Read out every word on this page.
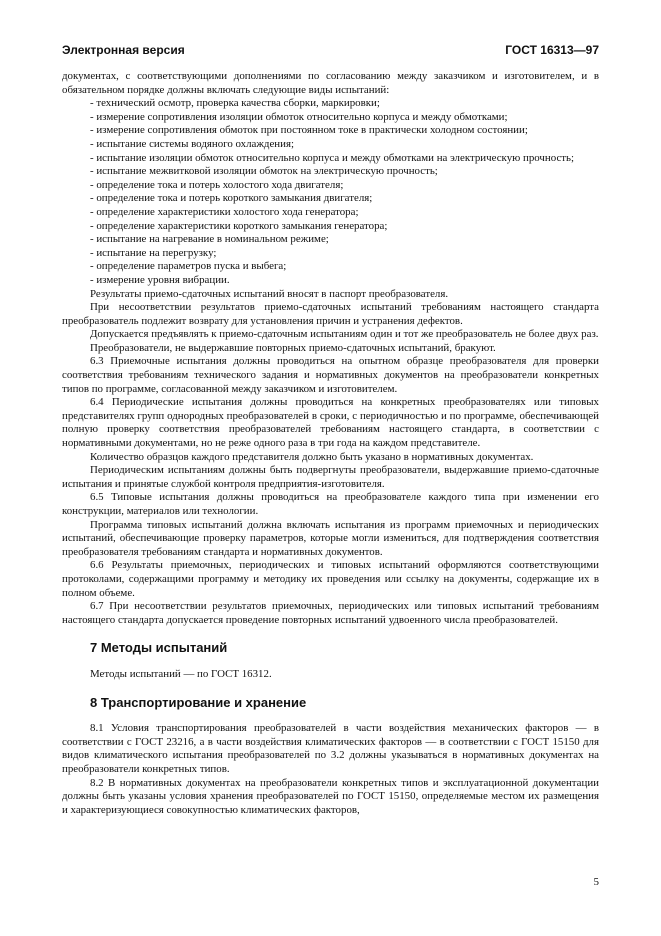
Электронная версия	ГОСТ 16313—97

документах, с соответствующими дополнениями по согласованию между заказчиком и изготовителем, и в обязательном порядке должны включать следующие виды испытаний:

- технический осмотр, проверка качества сборки, маркировки;

- измерение сопротивления изоляции обмоток относительно корпуса и между обмотками;

- измерение сопротивления обмоток при постоянном токе в практически холодном состоянии;

- испытание системы водяного охлаждения;

- испытание изоляции обмоток относительно корпуса и между обмотками на электрическую прочность;

- испытание межвитковой изоляции обмоток на электрическую прочность;

- определение тока и потерь холостого хода двигателя;

- определение тока и потерь короткого замыкания двигателя;

- определение характеристики холостого хода генератора;

- определение характеристики короткого замыкания генератора;

- испытание на нагревание в номинальном режиме;

- испытание на перегрузку;

- определение параметров пуска и выбега;

- измерение уровня вибрации.

Результаты приемо-сдаточных испытаний вносят в паспорт преобразователя.

При несоответствии результатов приемо-сдаточных испытаний требованиям настоящего стандарта преобразователь подлежит возврату для установления причин и устранения дефектов.

Допускается предъявлять к приемо-сдаточным испытаниям один и тот же преобразователь не более двух раз.

Преобразователи, не выдержавшие повторных приемо-сдаточных испытаний, бракуют.

6.3 Приемочные испытания должны проводиться на опытном образце преобразователя для проверки соответствия требованиям технического задания и нормативных документов на преобразователи конкретных типов по программе, согласованной между заказчиком и изготовителем.

6.4 Периодические испытания должны проводиться на конкретных преобразователях или типовых представителях групп однородных преобразователей в сроки, с периодичностью и по программе, обеспечивающей полную проверку соответствия преобразователей требованиям настоящего стандарта, в соответствии с нормативными документами, но не реже одного раза в три года на каждом представителе.

Количество образцов каждого представителя должно быть указано в нормативных документах.

Периодическим испытаниям должны быть подвергнуты преобразователи, выдержавшие приемо-сдаточные испытания и принятые службой контроля предприятия-изготовителя.

6.5 Типовые испытания должны проводиться на преобразователе каждого типа при изменении его конструкции, материалов или технологии.

Программа типовых испытаний должна включать испытания из программ приемочных и периодических испытаний, обеспечивающие проверку параметров, которые могли измениться, для подтверждения соответствия преобразователя требованиям стандарта и нормативных документов.

6.6 Результаты приемочных, периодических и типовых испытаний оформляются соответствующими протоколами, содержащими программу и методику их проведения или ссылку на документы, содержащие их в полном объеме.

6.7 При несоответствии результатов приемочных, периодических или типовых испытаний требованиям настоящего стандарта допускается проведение повторных испытаний удвоенного числа преобразователей.

7 Методы испытаний

Методы испытаний — по ГОСТ 16312.

8 Транспортирование и хранение

8.1 Условия транспортирования преобразователей в части воздействия механических факторов — в соответствии с ГОСТ 23216, а в части воздействия климатических факторов — в соответствии с ГОСТ 15150 для видов климатического испытания преобразователей по 3.2 должны указываться в нормативных документах на преобразователи конкретных типов.

8.2 В нормативных документах на преобразователи конкретных типов и эксплуатационной документации должны быть указаны условия хранения преобразователей по ГОСТ 15150, определяемые местом их размещения и характеризующиеся совокупностью климатических факторов,

5
